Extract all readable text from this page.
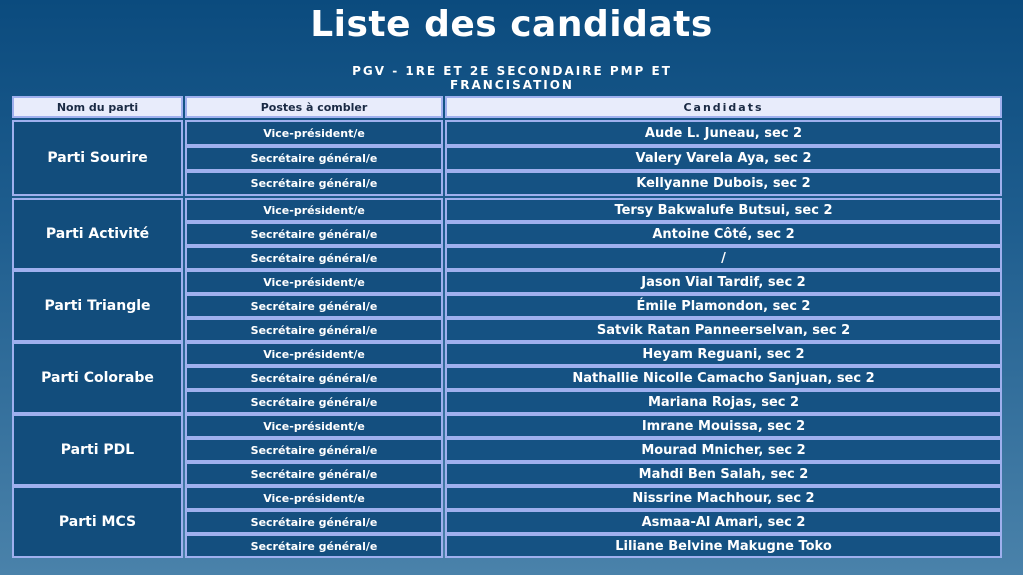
Liste des candidats
PGV - 1RE ET 2E SECONDAIRE PMP ET FRANCISATION
Nom du parti	Postes à combler	Candidats
Parti Sourire
Vice-président/e	Aude L. Juneau, sec 2
Secrétaire général/e	Valery Varela Aya, sec 2
Secrétaire général/e	Kellyanne Dubois, sec 2
Parti Activité
Vice-président/e	Tersy Bakwalufe Butsui, sec 2
Secrétaire général/e	Antoine Côté, sec 2
Secrétaire général/e	/
Parti Triangle
Vice-président/e	Jason Vial Tardif, sec 2
Secrétaire général/e	Émile Plamondon, sec 2
Secrétaire général/e	Satvik Ratan Panneerselvan, sec 2
Parti Colorabe
Vice-président/e	Heyam Reguani, sec 2
Secrétaire général/e	Nathallie Nicolle Camacho Sanjuan, sec 2
Secrétaire général/e	Mariana Rojas, sec 2
Parti PDL
Vice-président/e	Imrane Mouissa, sec 2
Secrétaire général/e	Mourad Mnicher, sec 2
Secrétaire général/e	Mahdi Ben Salah, sec 2
Parti MCS
Vice-président/e	Nissrine Machhour, sec 2
Secrétaire général/e	Asmaa-Al Amari, sec 2
Secrétaire général/e	Liliane Belvine Makugne Toko
